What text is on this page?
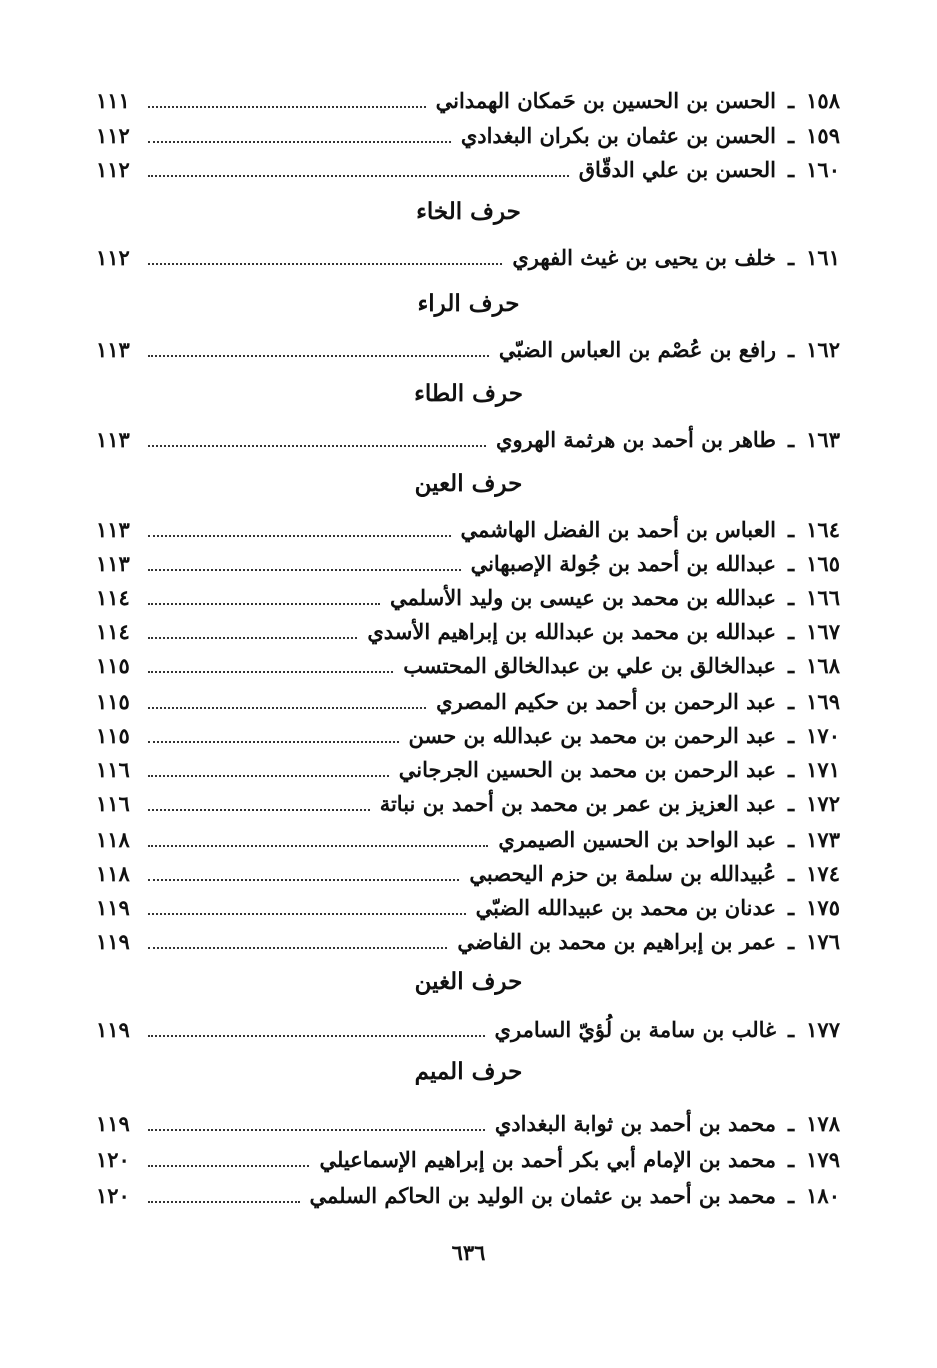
١٥٨
ـ
الحسن بن الحسين بن حَمكان الهمداني
١١١
١٥٩
ـ
الحسن بن عثمان بن بكران البغدادي
١١٢
١٦٠
ـ
الحسن بن علي الدقّاق
١١٢
حرف الخاء
١٦١
ـ
خلف بن يحيى بن غيث الفهري
١١٢
حرف الراء
١٦٢
ـ
رافع بن عُصْم بن العباس الضبّي
١١٣
حرف الطاء
١٦٣
ـ
طاهر بن أحمد بن هرثمة الهروي
١١٣
حرف العين
١٦٤
ـ
العباس بن أحمد بن الفضل الهاشمي
١١٣
١٦٥
ـ
عبدالله بن أحمد بن جُولة الإصبهاني
١١٣
١٦٦
ـ
عبدالله بن محمد بن عيسى بن وليد الأسلمي
١١٤
١٦٧
ـ
عبدالله بن محمد بن عبدالله بن إبراهيم الأسدي
١١٤
١٦٨
ـ
عبدالخالق بن علي بن عبدالخالق المحتسب
١١٥
١٦٩
ـ
عبد الرحمن بن أحمد بن حكيم المصري
١١٥
١٧٠
ـ
عبد الرحمن بن محمد بن عبدالله بن حسن
١١٥
١٧١
ـ
عبد الرحمن بن محمد بن الحسين الجرجاني
١١٦
١٧٢
ـ
عبد العزيز بن عمر بن محمد بن أحمد بن نباتة
١١٦
١٧٣
ـ
عبد الواحد بن الحسين الصيمري
١١٨
١٧٤
ـ
عُبيدالله بن سلمة بن حزم اليحصبي
١١٨
١٧٥
ـ
عدنان بن محمد بن عبيدالله الضبّي
١١٩
١٧٦
ـ
عمر بن إبراهيم بن محمد بن الفاضي
١١٩
حرف الغين
١٧٧
ـ
غالب بن سامة بن لُؤيّ السامري
١١٩
حرف الميم
١٧٨
ـ
محمد بن أحمد بن ثوابة البغدادي
١١٩
١٧٩
ـ
محمد بن الإمام أبي بكر أحمد بن إبراهيم الإسماعيلي
١٢٠
١٨٠
ـ
محمد بن أحمد بن عثمان بن الوليد بن الحاكم السلمي
١٢٠
٦٣٦
